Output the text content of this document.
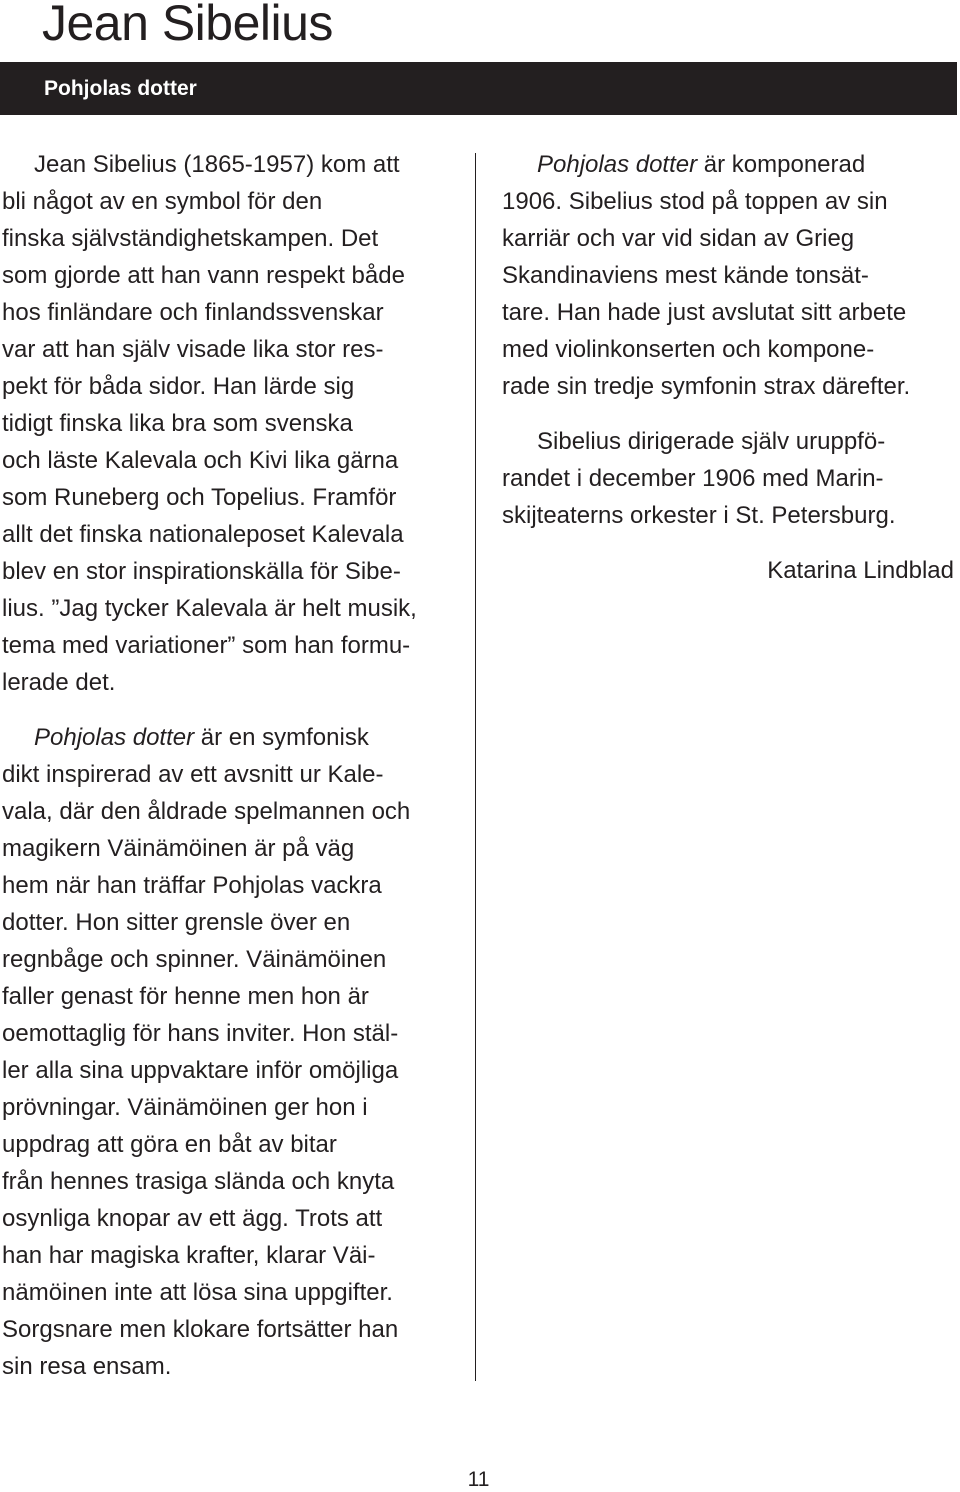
Jean Sibelius
Pohjolas dotter
Jean Sibelius (1865-1957) kom att
bli något av en symbol för den
finska självständighetskampen. Det
som gjorde att han vann respekt både
hos finländare och finlandssvenskar
var att han själv visade lika stor res-
pekt för båda sidor. Han lärde sig
tidigt finska lika bra som svenska
och läste Kalevala och Kivi lika gärna
som Runeberg och Topelius. Framför
allt det finska nationaleposet Kalevala
blev en stor inspirationskälla för Sibe-
lius. ”Jag tycker Kalevala är helt musik,
tema med variationer” som han formu-
lerade det.
Pohjolas dotter är en symfonisk
dikt inspirerad av ett avsnitt ur Kale-
vala, där den åldrade spelmannen och
magikern Väinämöinen är på väg
hem när han träffar Pohjolas vackra
dotter. Hon sitter grensle över en
regnbåge och spinner. Väinämöinen
faller genast för henne men hon är
oemottaglig för hans inviter. Hon stäl-
ler alla sina uppvaktare inför omöjliga
prövningar. Väinämöinen ger hon i
uppdrag att göra en båt av bitar
från hennes trasiga slända och knyta
osynliga knopar av ett ägg. Trots att
han har magiska krafter, klarar Väi-
nämöinen inte att lösa sina uppgifter.
Sorgsnare men klokare fortsätter han
sin resa ensam.
Pohjolas dotter är komponerad
1906. Sibelius stod på toppen av sin
karriär och var vid sidan av Grieg
Skandinaviens mest kände tonsät-
tare. Han hade just avslutat sitt arbete
med violinkonserten och kompone-
rade sin tredje symfonin strax därefter.
Sibelius dirigerade själv uruppfö-
randet i december 1906 med Marin-
skijteaterns orkester i St. Petersburg.
Katarina Lindblad
11
